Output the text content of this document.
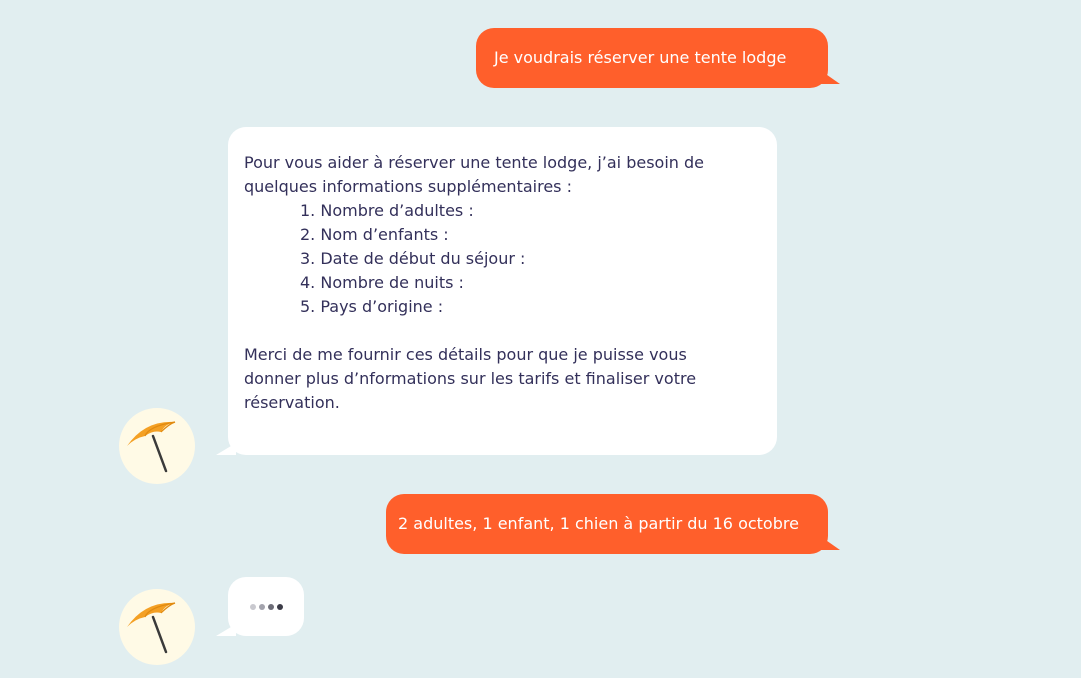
Je voudrais réserver une tente lodge

Pour vous aider à réserver une tente lodge, j’ai besoin de

quelques informations supplémentaires :

1. Nombre d’adultes :
2. Nom d’enfants :
3. Date de début du séjour :
4. Nombre de nuits :
5. Pays d’origine :

Merci de me fournir ces détails pour que je puisse vous

donner plus d’nformations sur les tarifs et finaliser votre

réservation.

2 adultes, 1 enfant, 1 chien à partir du 16 octobre
